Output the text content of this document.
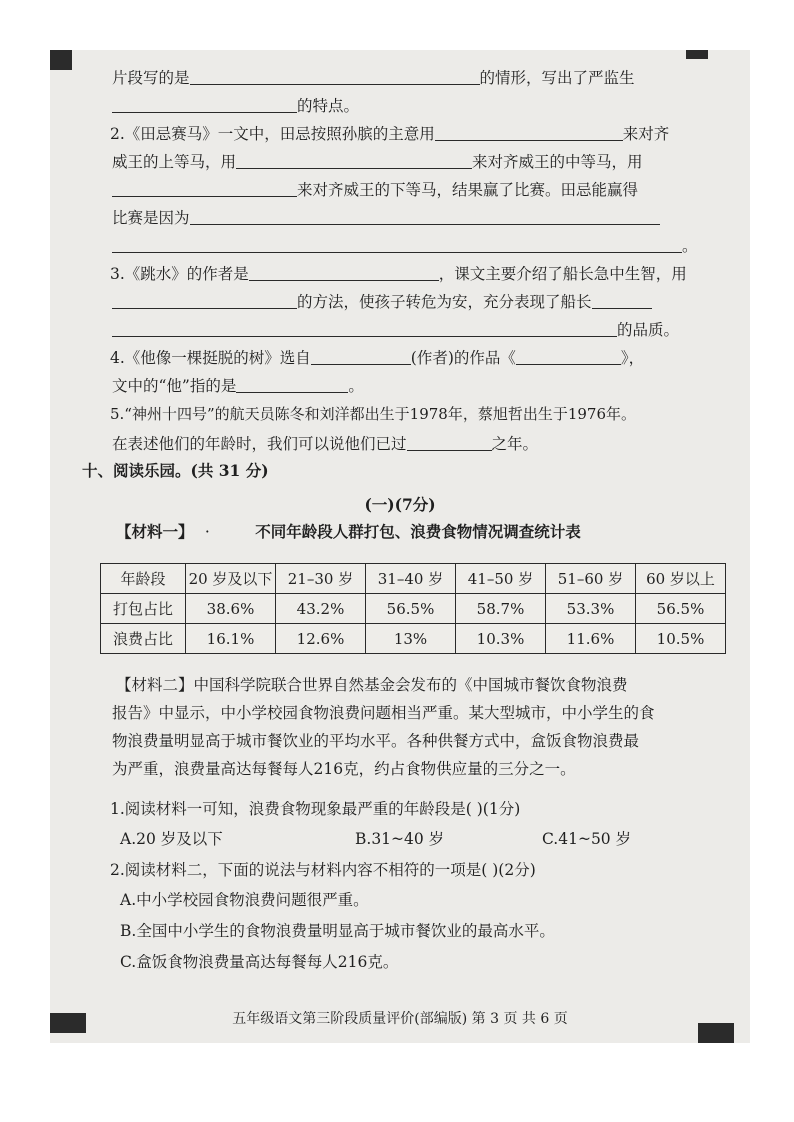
片段写的是	的情形，写出了严监生
的特点。
2.《田忌赛马》一文中，田忌按照孙膑的主意用	来对齐
威王的上等马，用	来对齐威王的中等马，用
来对齐威王的下等马，结果赢了比赛。田忌能赢得
比赛是因为
。
3.《跳水》的作者是	，课文主要介绍了船长急中生智，用
的方法，使孩子转危为安，充分表现了船长
的品质。
4.《他像一棵挺脱的树》选自	(作者)的作品《	》，
文中的“他”指的是	。
5.“神州十四号”的航天员陈冬和刘洋都出生于1978年，蔡旭哲出生于1976年。
在表述他们的年龄时，我们可以说他们已过	之年。
十、阅读乐园。(共 31 分)
(一)(7分)
【材料一】 ·	不同年龄段人群打包、浪费食物情况调查统计表
年龄段	20 岁及以下	21–30 岁	31–40 岁	41–50 岁	51–60 岁	60 岁以上
打包占比	38.6%	43.2%	56.5%	58.7%	53.3%	56.5%
浪费占比	16.1%	12.6%	13%	10.3%	11.6%	10.5%
【材料二】中国科学院联合世界自然基金会发布的《中国城市餐饮食物浪费
报告》中显示，中小学校园食物浪费问题相当严重。某大型城市，中小学生的食
物浪费量明显高于城市餐饮业的平均水平。各种供餐方式中，盒饭食物浪费最
为严重，浪费量高达每餐每人216克，约占食物供应量的三分之一。
1.阅读材料一可知，浪费食物现象最严重的年龄段是( )(1分)
A.20 岁及以下	B.31~40 岁	C.41~50 岁
2.阅读材料二，下面的说法与材料内容不相符的一项是( )(2分)
A.中小学校园食物浪费问题很严重。
B.全国中小学生的食物浪费量明显高于城市餐饮业的最高水平。
C.盒饭食物浪费量高达每餐每人216克。
五年级语文第三阶段质量评价(部编版) 第 3 页 共 6 页
